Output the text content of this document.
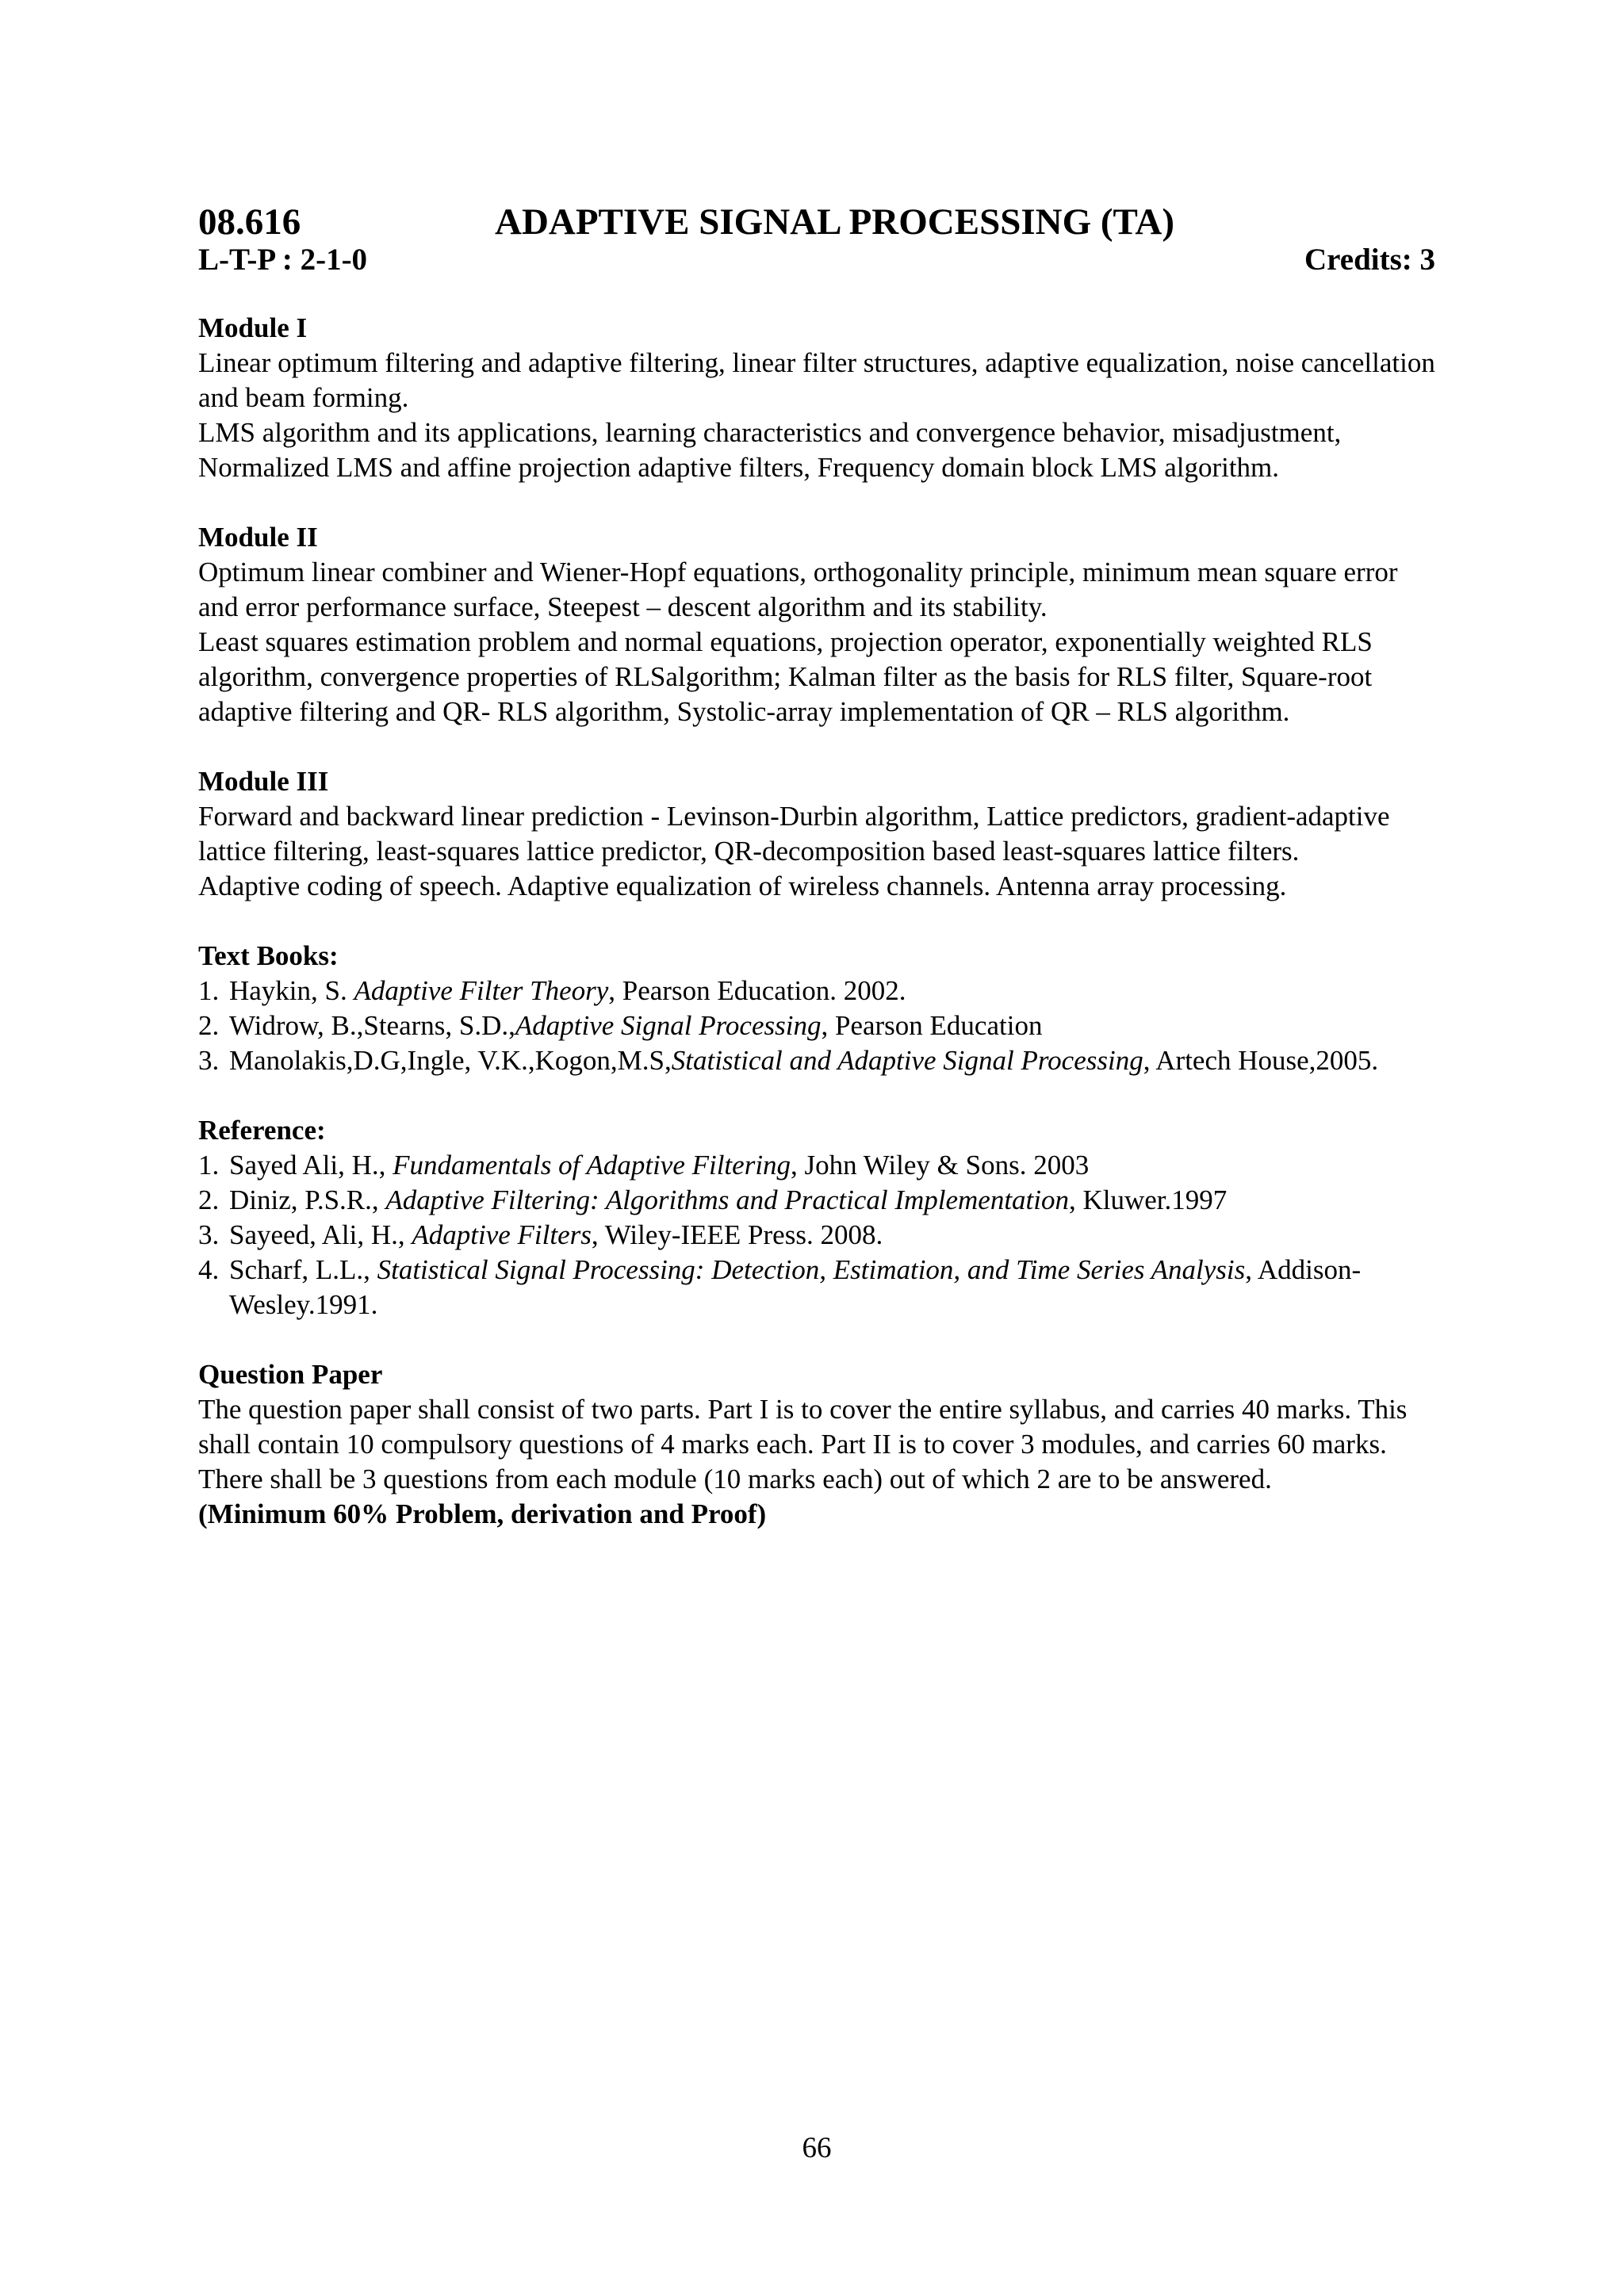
08.616	ADAPTIVE SIGNAL PROCESSING (TA)
L-T-P : 2-1-0	Credits: 3

Module I

Linear optimum filtering and adaptive filtering, linear filter structures, adaptive equalization, noise cancellation and beam forming.

LMS algorithm and its applications, learning characteristics and convergence behavior, misadjustment, Normalized LMS and affine projection adaptive filters, Frequency domain block LMS algorithm.

Module II

Optimum linear combiner and Wiener-Hopf equations, orthogonality principle, minimum mean square error and error performance surface, Steepest – descent algorithm and its stability.

Least squares estimation problem and normal equations, projection operator, exponentially weighted RLS algorithm, convergence properties of RLSalgorithm; Kalman filter as the basis for RLS filter, Square-root adaptive filtering and QR- RLS algorithm, Systolic-array implementation of QR – RLS algorithm.

Module III

Forward and backward linear prediction - Levinson-Durbin algorithm, Lattice predictors, gradient-adaptive lattice filtering, least-squares lattice predictor, QR-decomposition based least-squares lattice filters.

Adaptive coding of speech. Adaptive equalization of wireless channels. Antenna array processing.

Text Books:

1. Haykin, S. Adaptive Filter Theory, Pearson Education. 2002.
2. Widrow, B.,Stearns, S.D.,Adaptive Signal Processing, Pearson Education
3. Manolakis,D.G,Ingle, V.K.,Kogon,M.S,Statistical and Adaptive Signal Processing, Artech House,2005.

Reference:

1. Sayed Ali, H., Fundamentals of Adaptive Filtering, John Wiley & Sons. 2003
2. Diniz, P.S.R., Adaptive Filtering: Algorithms and Practical Implementation, Kluwer.1997
3. Sayeed, Ali, H., Adaptive Filters, Wiley-IEEE Press. 2008.
4. Scharf, L.L., Statistical Signal Processing: Detection, Estimation, and Time Series Analysis, Addison- Wesley.1991.

Question Paper

The question paper shall consist of two parts. Part I is to cover the entire syllabus, and carries 40 marks. This shall contain 10 compulsory questions of 4 marks each. Part II is to cover 3 modules, and carries 60 marks. There shall be 3 questions from each module (10 marks each) out of which 2 are to be answered.

(Minimum 60% Problem, derivation and Proof)

66
